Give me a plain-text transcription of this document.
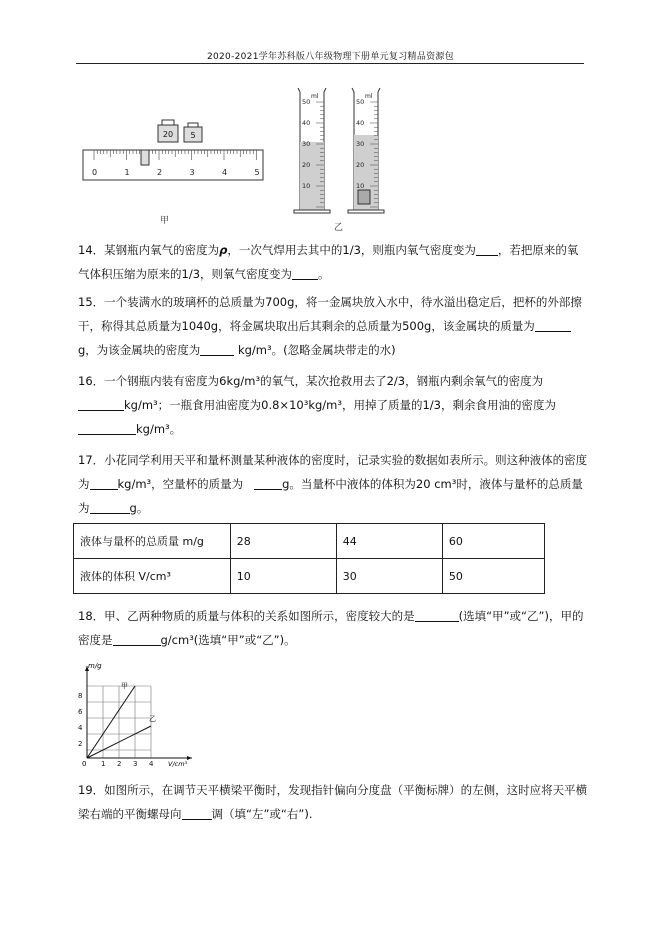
2020-2021学年苏科版八年级物理下册单元复习精品资源包
20 5
0	1	2	3	4	5
甲
50
40
30
20
10
50
40
30
20
10
ml	ml
乙
14．某钢瓶内氧气的密度为ρ，一次气焊用去其中的1/3，则瓶内氧气密度变为 ，若把原来的氧气体积压缩为原来的1/3，则氧气密度变为 。
15．一个装满水的玻璃杯的总质量为700g，将一金属块放入水中，待水溢出稳定后，把杯的外部擦干，称得其总质量为1040g，将金属块取出后其剩余的总质量为500g，该金属块的质量为g，为该金属块的密度为	kg/m³。(忽略金属块带走的水)
16．一个钢瓶内装有密度为6kg/m³的氧气，某次抢救用去了2/3，钢瓶内剩余氧气的密度为kg/m³；一瓶食用油密度为0.8×10³kg/m³，用掉了质量的1/3，剩余食用油的密度为kg/m³。
17．小花同学利用天平和量杯测量某种液体的密度时，记录实验的数据如表所示。则这种液体的密度为 kg/m³，空量杯的质量为	g。当量杯中液体的体积为20 cm³时，液体与量杯的总质量为	g。
液体与量杯的总质量 m/g	28	44	60
液体的体积 V/cm³	10	30	50
18．甲、乙两种物质的质量与体积的关系如图所示，密度较大的是	(选填“甲”或“乙”)，甲的密度是	g/cm³(选填“甲”或“乙”)。
1 2 3 4
8
6
4
2
m/g
V/cm³
甲
乙
0
19．如图所示，在调节天平横梁平衡时，发现指针偏向分度盘（平衡标牌）的左侧，这时应将天平横梁右端的平衡螺母向	调（填“左”或“右”).
